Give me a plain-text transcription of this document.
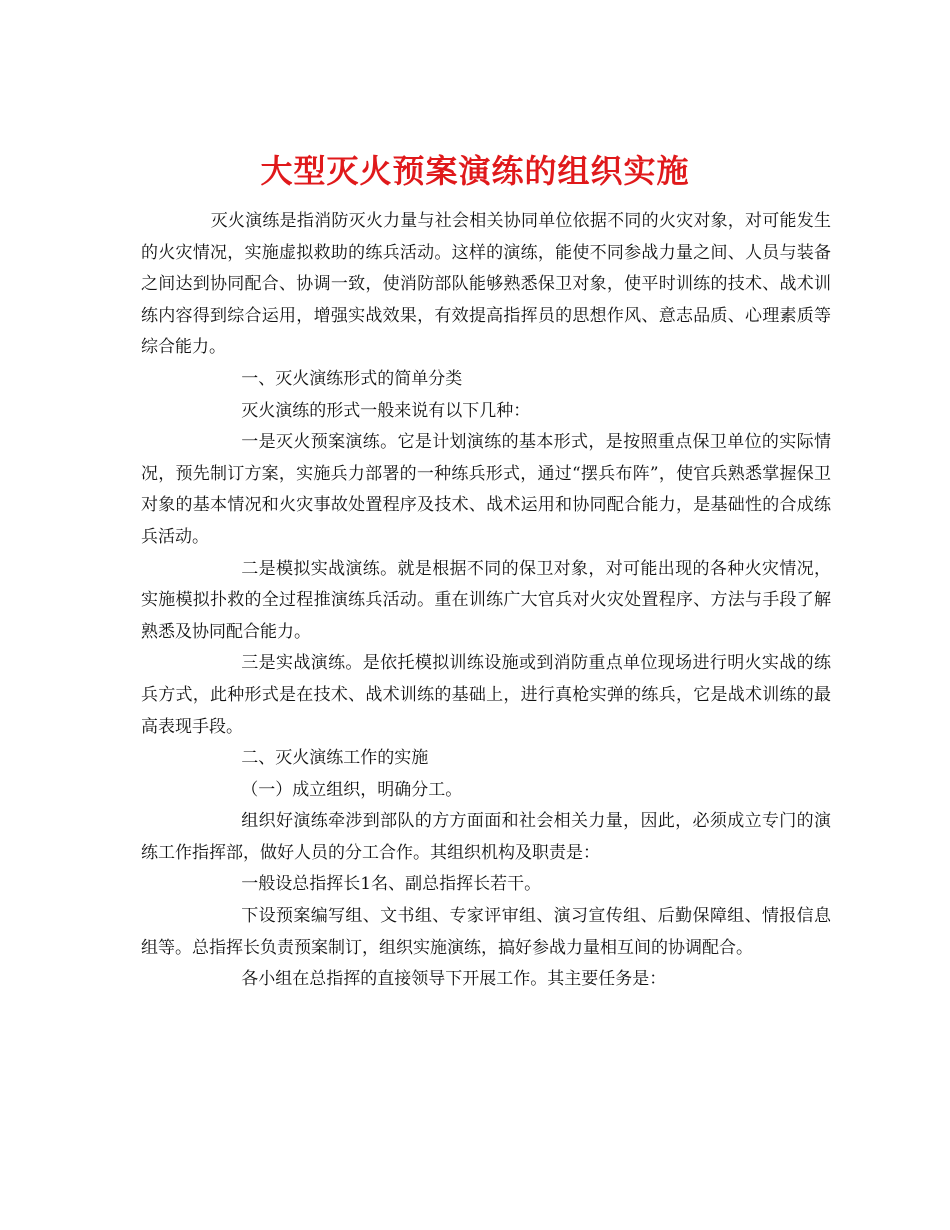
大型灭火预案演练的组织实施

灭火演练是指消防灭火力量与社会相关协同单位依据不同的火灾对象，对可能发生的火灾情况，实施虚拟救助的练兵活动。这样的演练，能使不同参战力量之间、人员与装备之间达到协同配合、协调一致，使消防部队能够熟悉保卫对象，使平时训练的技术、战术训练内容得到综合运用，增强实战效果，有效提高指挥员的思想作风、意志品质、心理素质等综合能力。

一、灭火演练形式的简单分类

灭火演练的形式一般来说有以下几种：

一是灭火预案演练。它是计划演练的基本形式，是按照重点保卫单位的实际情况，预先制订方案，实施兵力部署的一种练兵形式，通过“摆兵布阵”，使官兵熟悉掌握保卫对象的基本情况和火灾事故处置程序及技术、战术运用和协同配合能力，是基础性的合成练兵活动。

二是模拟实战演练。就是根据不同的保卫对象，对可能出现的各种火灾情况，实施模拟扑救的全过程推演练兵活动。重在训练广大官兵对火灾处置程序、方法与手段了解熟悉及协同配合能力。

三是实战演练。是依托模拟训练设施或到消防重点单位现场进行明火实战的练兵方式，此种形式是在技术、战术训练的基础上，进行真枪实弹的练兵，它是战术训练的最高表现手段。

二、灭火演练工作的实施

（一）成立组织，明确分工。

组织好演练牵涉到部队的方方面面和社会相关力量，因此，必须成立专门的演练工作指挥部，做好人员的分工合作。其组织机构及职责是：

一般设总指挥长1名、副总指挥长若干。

下设预案编写组、文书组、专家评审组、演习宣传组、后勤保障组、情报信息组等。总指挥长负责预案制订，组织实施演练，搞好参战力量相互间的协调配合。

各小组在总指挥的直接领导下开展工作。其主要任务是：
